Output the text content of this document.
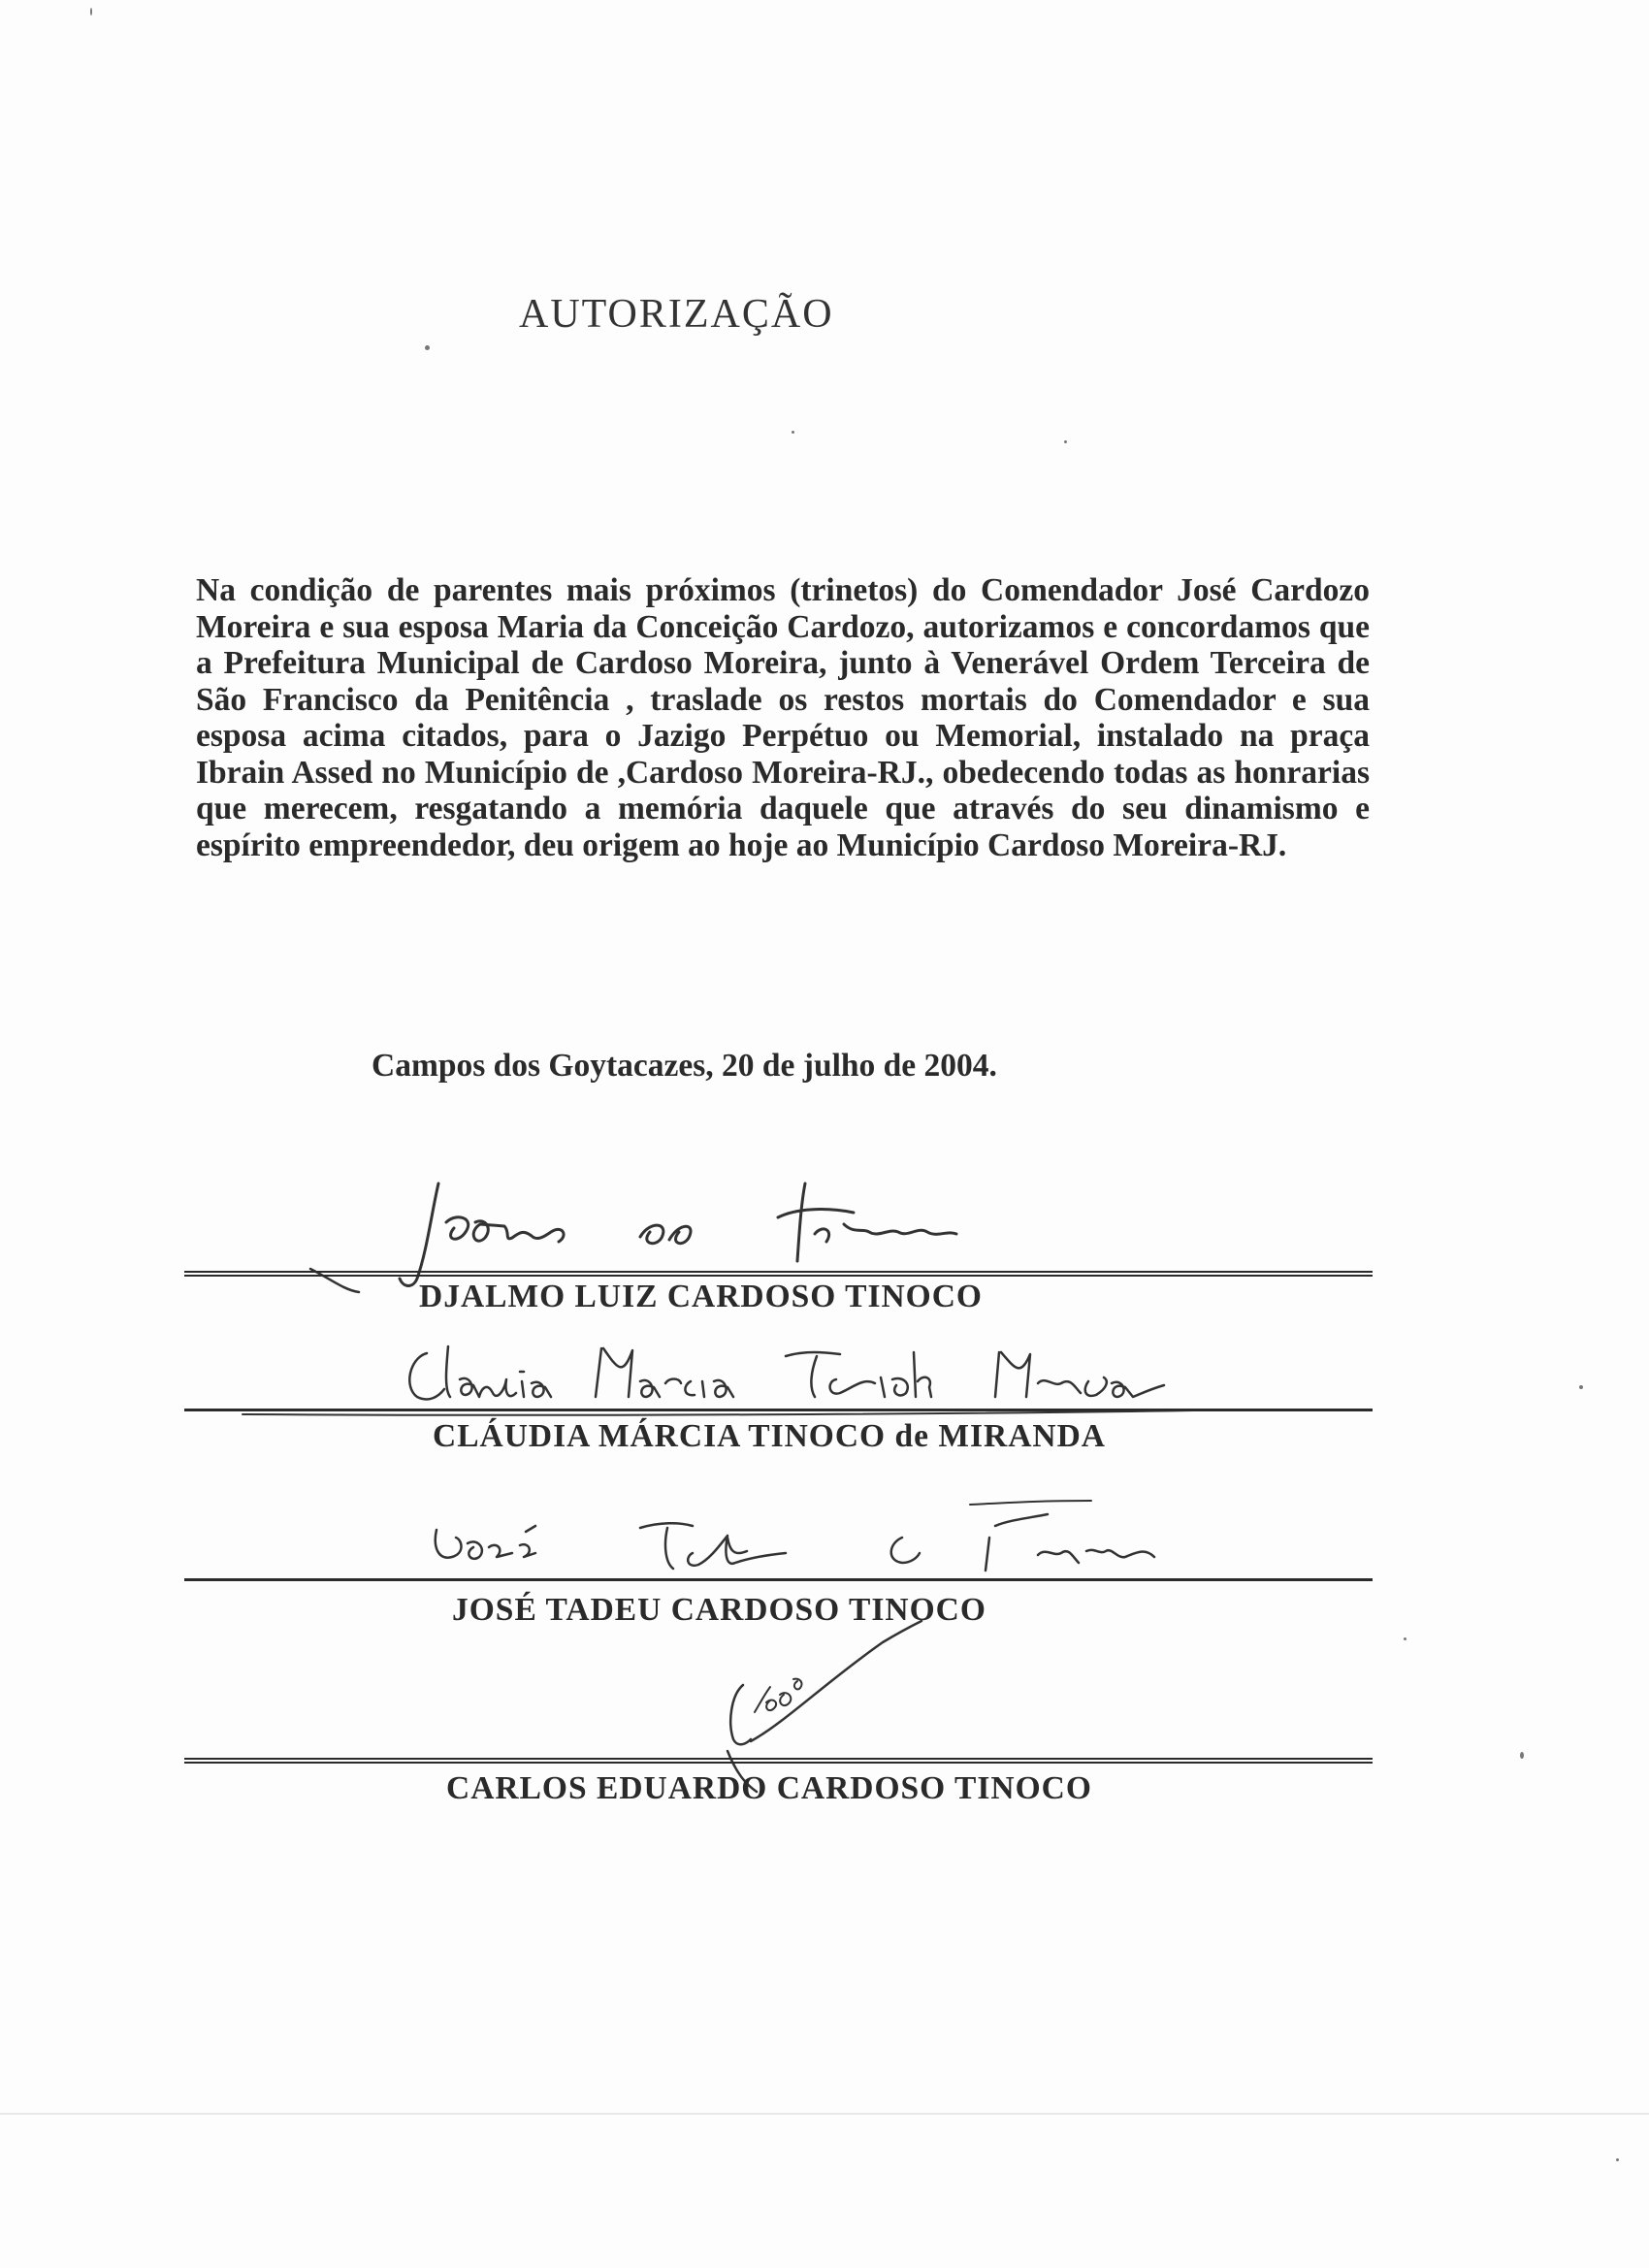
AUTORIZAÇÃO
Na condição de parentes mais próximos (trinetos) do Comendador José Cardozo Moreira e sua esposa Maria da Conceição Cardozo, autorizamos e concordamos que a Prefeitura Municipal de Cardoso Moreira, junto à Venerável Ordem Terceira de São Francisco da Penitência , traslade os restos mortais do Comendador e sua esposa acima citados, para o Jazigo Perpétuo ou Memorial, instalado na praça Ibrain Assed no Município de ,Cardoso Moreira-RJ., obedecendo todas as honrarias que merecem, resgatando a memória daquele que através do seu dinamismo e espírito empreendedor, deu origem ao hoje ao Município Cardoso Moreira-RJ.
Campos dos Goytacazes, 20 de julho de 2004.
DJALMO LUIZ CARDOSO TINOCO
CLÁUDIA MÁRCIA TINOCO de MIRANDA
JOSÉ TADEU CARDOSO TINOCO
CARLOS EDUARDO CARDOSO TINOCO
